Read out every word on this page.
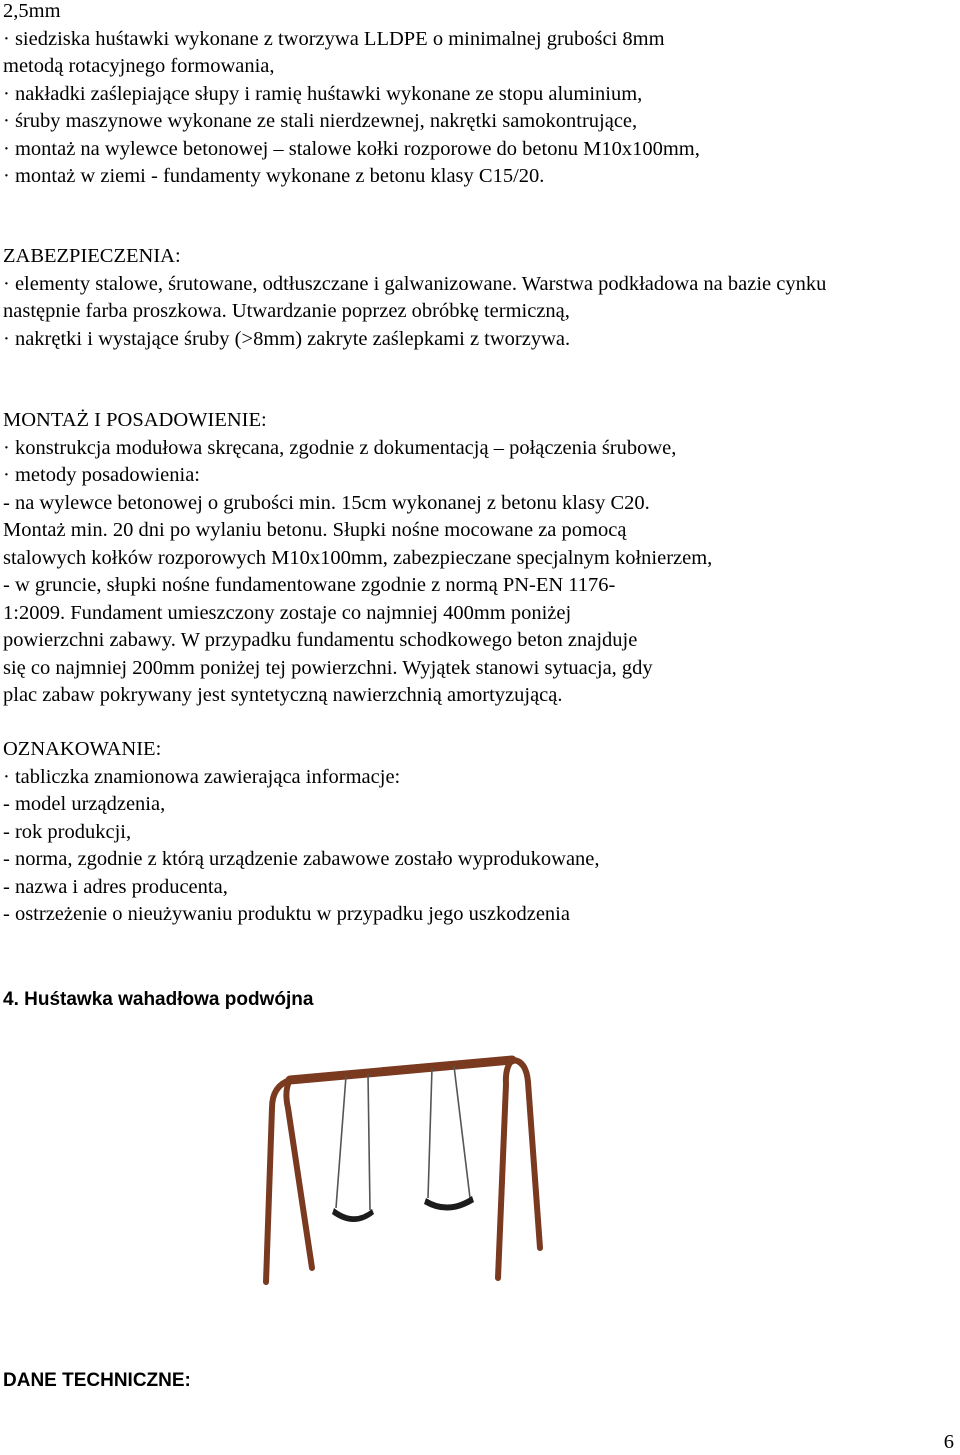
2,5mm

· siedziska huśtawki wykonane z tworzywa LLDPE o minimalnej grubości 8mm

metodą rotacyjnego formowania,

· nakładki zaślepiające słupy i ramię huśtawki wykonane ze stopu aluminium,

· śruby maszynowe wykonane ze stali nierdzewnej, nakrętki samokontrujące,

· montaż na wylewce betonowej – stalowe kołki rozporowe do betonu M10x100mm,

· montaż w ziemi - fundamenty wykonane z betonu klasy C15/20.

ZABEZPIECZENIA:

· elementy stalowe, śrutowane, odtłuszczane i galwanizowane. Warstwa podkładowa na bazie cynku

następnie farba proszkowa. Utwardzanie poprzez obróbkę termiczną,

· nakrętki i wystające śruby (>8mm) zakryte zaślepkami z tworzywa.

MONTAŻ I POSADOWIENIE:

· konstrukcja modułowa skręcana, zgodnie z dokumentacją – połączenia śrubowe,

· metody posadowienia:

- na wylewce betonowej o grubości min. 15cm wykonanej z betonu klasy C20.

Montaż min. 20 dni po wylaniu betonu. Słupki nośne mocowane za pomocą

stalowych kołków rozporowych M10x100mm, zabezpieczane specjalnym kołnierzem,

- w gruncie, słupki nośne fundamentowane zgodnie z normą PN-EN 1176-

1:2009. Fundament umieszczony zostaje co najmniej 400mm poniżej

powierzchni zabawy. W przypadku fundamentu schodkowego beton znajduje

się co najmniej 200mm poniżej tej powierzchni. Wyjątek stanowi sytuacja, gdy

plac zabaw pokrywany jest syntetyczną nawierzchnią amortyzującą.

OZNAKOWANIE:

· tabliczka znamionowa zawierająca informacje:

- model urządzenia,

- rok produkcji,

- norma, zgodnie z którą urządzenie zabawowe zostało wyprodukowane,

- nazwa i adres producenta,

- ostrzeżenie o nieużywaniu produktu w przypadku jego uszkodzenia

4. Huśtawka wahadłowa podwójna

DANE TECHNICZNE:

6
